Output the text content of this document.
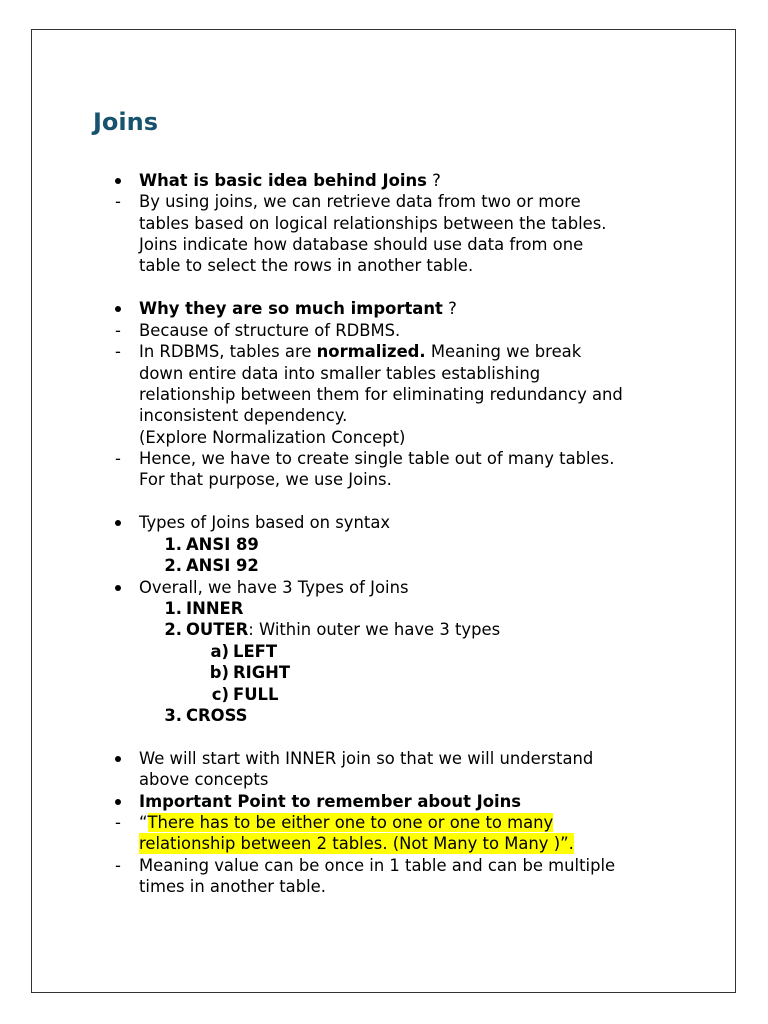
Joins
What is basic idea behind Joins ?
- By using joins, we can retrieve data from two or more
tables based on logical relationships between the tables.
Joins indicate how database should use data from one
table to select the rows in another table.
Why they are so much important ?
- Because of structure of RDBMS.
- In RDBMS, tables are normalized. Meaning we break
down entire data into smaller tables establishing
relationship between them for eliminating redundancy and
inconsistent dependency.
(Explore Normalization Concept)
- Hence, we have to create single table out of many tables.
For that purpose, we use Joins.
Types of Joins based on syntax
1. ANSI 89
2. ANSI 92
Overall, we have 3 Types of Joins
1. INNER
2. OUTER: Within outer we have 3 types
a) LEFT
b) RIGHT
c) FULL
3. CROSS
We will start with INNER join so that we will understand
above concepts
Important Point to remember about Joins
- “There has to be either one to one or one to many
relationship between 2 tables. (Not Many to Many )”.
- Meaning value can be once in 1 table and can be multiple
times in another table.
